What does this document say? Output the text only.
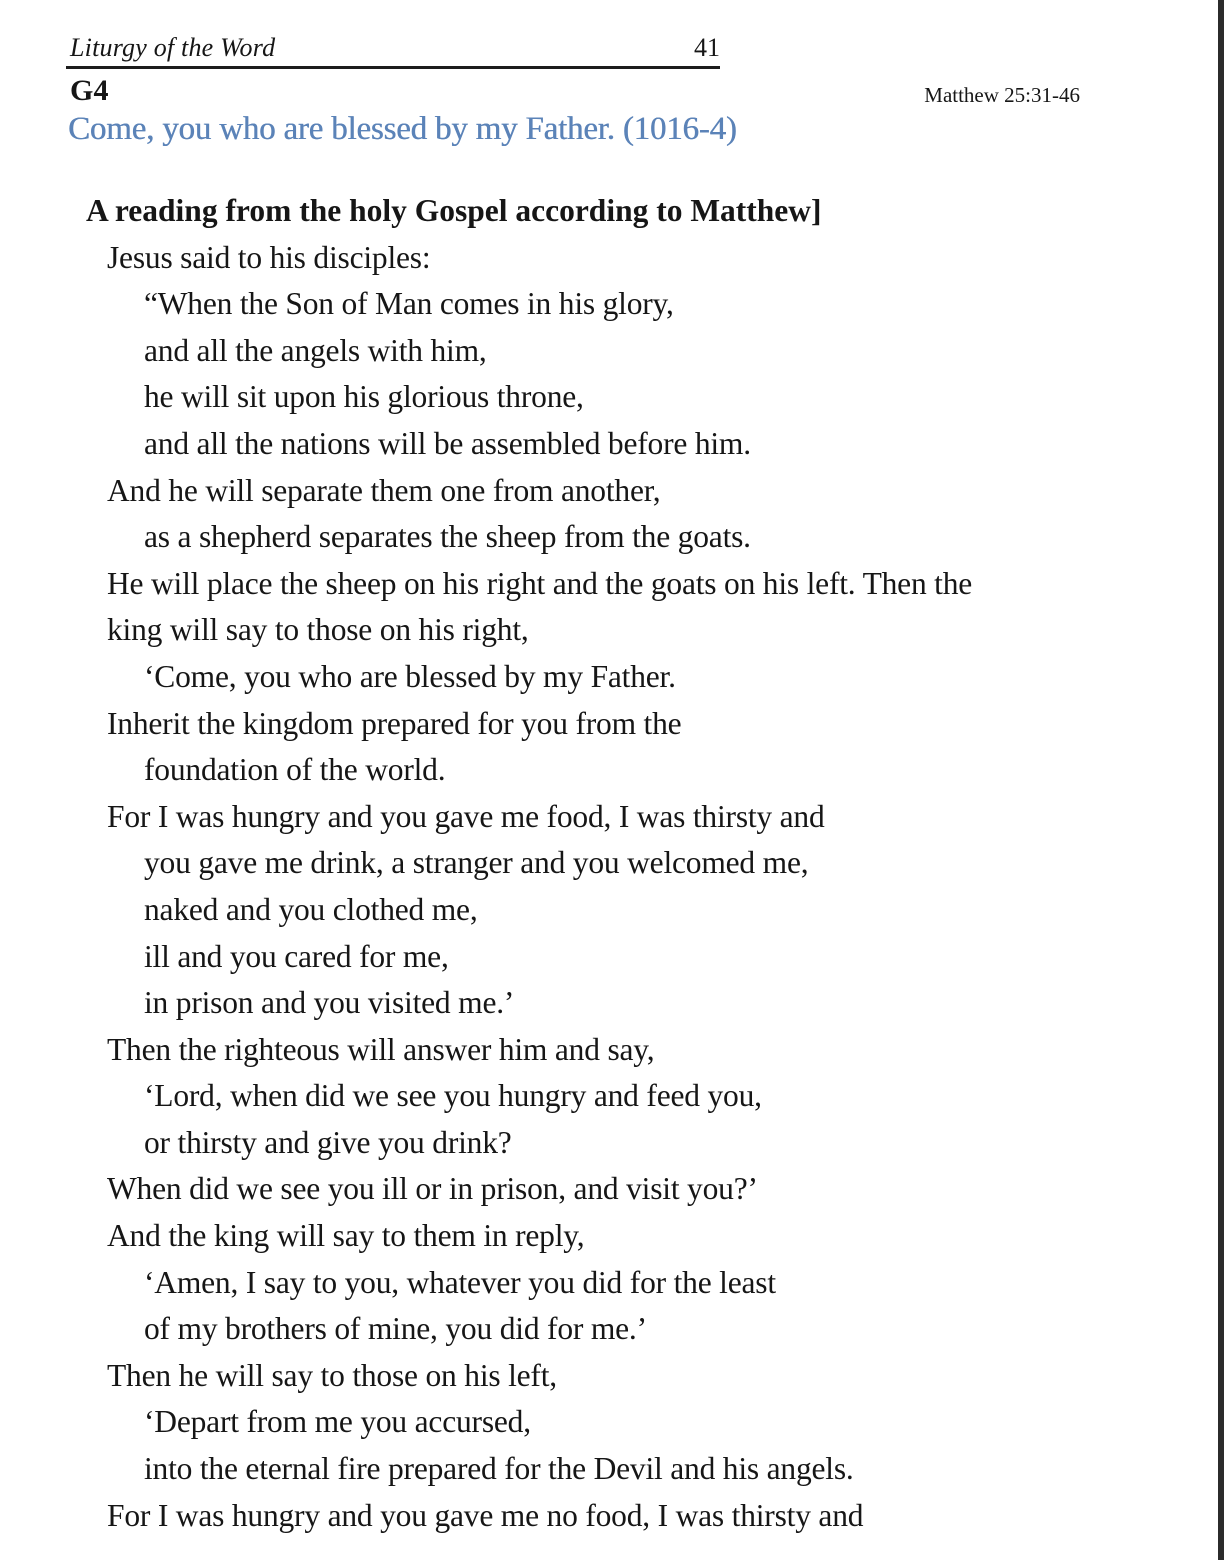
Liturgy of the Word	41
G4	Matthew 25:31-46
Come, you who are blessed by my Father. (1016-4)
A reading from the holy Gospel according to Matthew]
Jesus said to his disciples:
“When the Son of Man comes in his glory,
and all the angels with him,
he will sit upon his glorious throne,
and all the nations will be assembled before him.
And he will separate them one from another,
as a shepherd separates the sheep from the goats.
He will place the sheep on his right and the goats on his left. Then the
king will say to those on his right,
‘Come, you who are blessed by my Father.
Inherit the kingdom prepared for you from the
foundation of the world.
For I was hungry and you gave me food, I was thirsty and
you gave me drink, a stranger and you welcomed me,
naked and you clothed me,
ill and you cared for me,
in prison and you visited me.’
Then the righteous will answer him and say,
‘Lord, when did we see you hungry and feed you,
or thirsty and give you drink?
When did we see you ill or in prison, and visit you?’
And the king will say to them in reply,
‘Amen, I say to you, whatever you did for the least
of my brothers of mine, you did for me.’
Then he will say to those on his left,
‘Depart from me you accursed,
into the eternal fire prepared for the Devil and his angels.
For I was hungry and you gave me no food, I was thirsty and
